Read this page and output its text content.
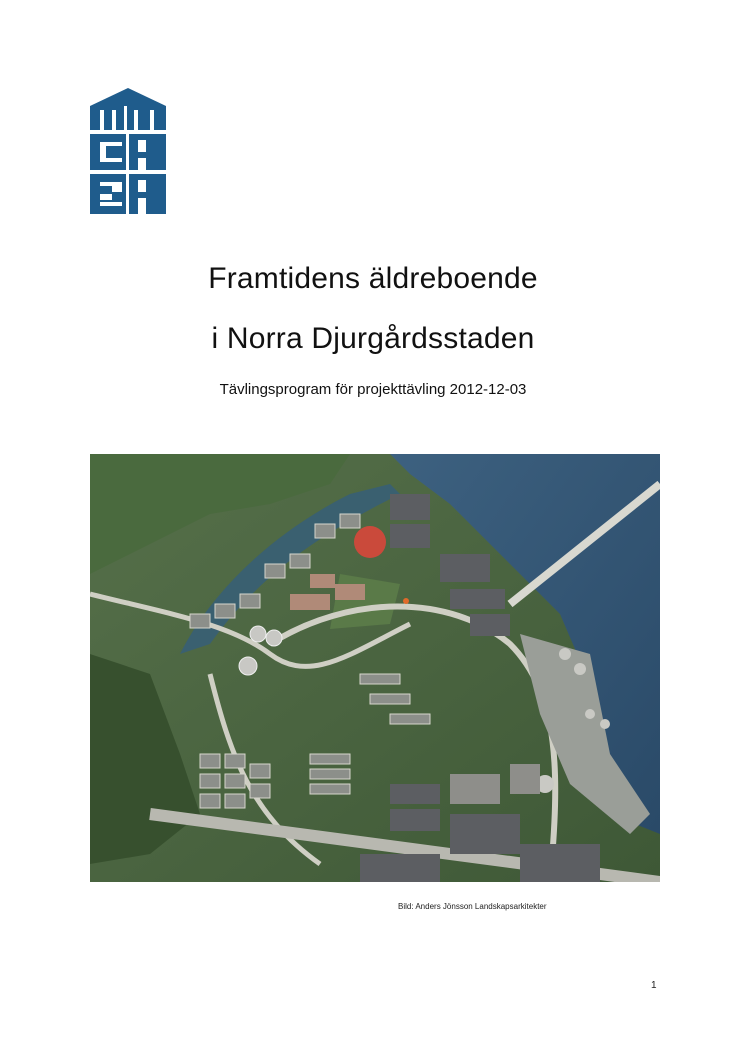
Framtidens äldreboende
i Norra Djurgårdsstaden
Tävlingsprogram för projekttävling 2012-12-03
Bild: Anders Jönsson Landskapsarkitekter
1
